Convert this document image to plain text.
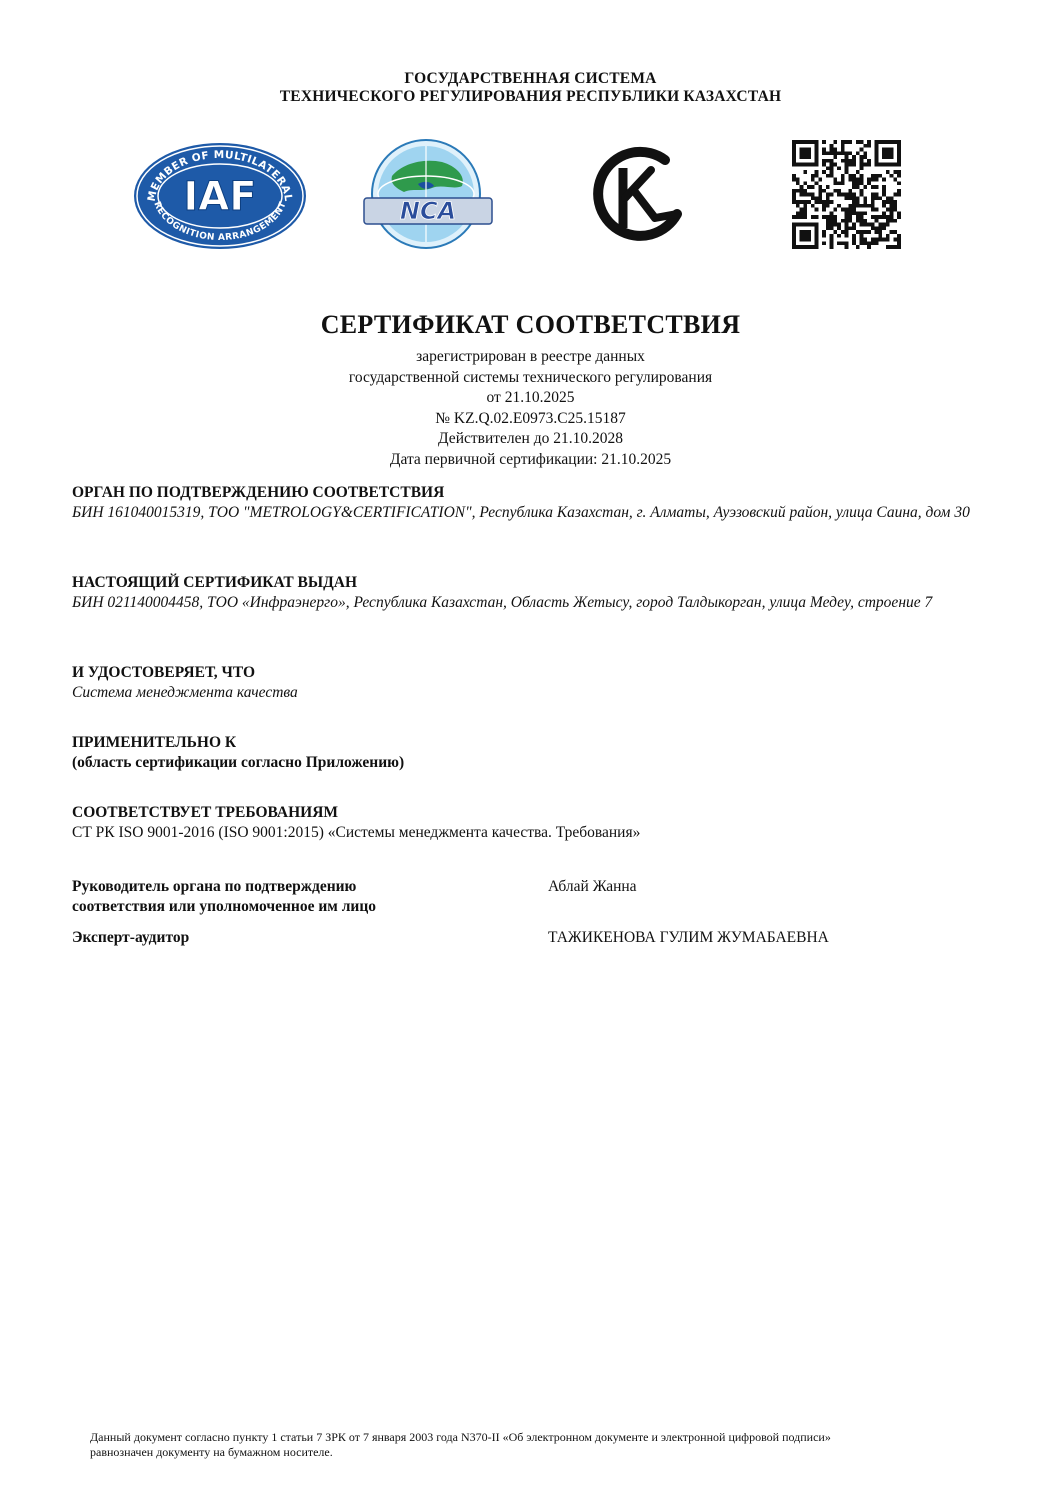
ГОСУДАРСТВЕННАЯ СИСТЕМА
ТЕХНИЧЕСКОГО РЕГУЛИРОВАНИЯ РЕСПУБЛИКИ КАЗАХСТАН
MEMBER OF MULTILATERAL
RECOGNITION ARRANGEMENT
IAF	NCA
СЕРТИФИКАТ СООТВЕТСТВИЯ
зарегистрирован в реестре данных
государственной системы технического регулирования
от 21.10.2025
№ KZ.Q.02.E0973.C25.15187
Действителен до 21.10.2028
Дата первичной сертификации: 21.10.2025
ОРГАН ПО ПОДТВЕРЖДЕНИЮ СООТВЕТСТВИЯ
БИН 161040015319, ТОО "METROLOGY&CERTIFICATION", Республика Казахстан, г. Алматы, Ауэзовский район, улица Саина, дом 30
НАСТОЯЩИЙ СЕРТИФИКАТ ВЫДАН
БИН 021140004458, ТОО «Инфраэнерго», Республика Казахстан, Область Жетысу, город Талдыкорган, улица Медеу, строение 7
И УДОСТОВЕРЯЕТ, ЧТО
Система менеджмента качества
ПРИМЕНИТЕЛЬНО К
(область сертификации согласно Приложению)
СООТВЕТСТВУЕТ ТРЕБОВАНИЯМ
СТ РК ISO 9001-2016 (ISO 9001:2015) «Системы менеджмента качества. Требования»
Руководитель органа по подтверждению
соответствия или уполномоченное им лицо
Аблай Жанна
Эксперт-аудитор	ТАЖИКЕНОВА ГУЛИМ ЖУМАБАЕВНА
Данный документ согласно пункту 1 статьи 7 ЗРК от 7 января 2003 года N370-II «Об электронном документе и электронной цифровой подписи»
равнозначен документу на бумажном носителе.
